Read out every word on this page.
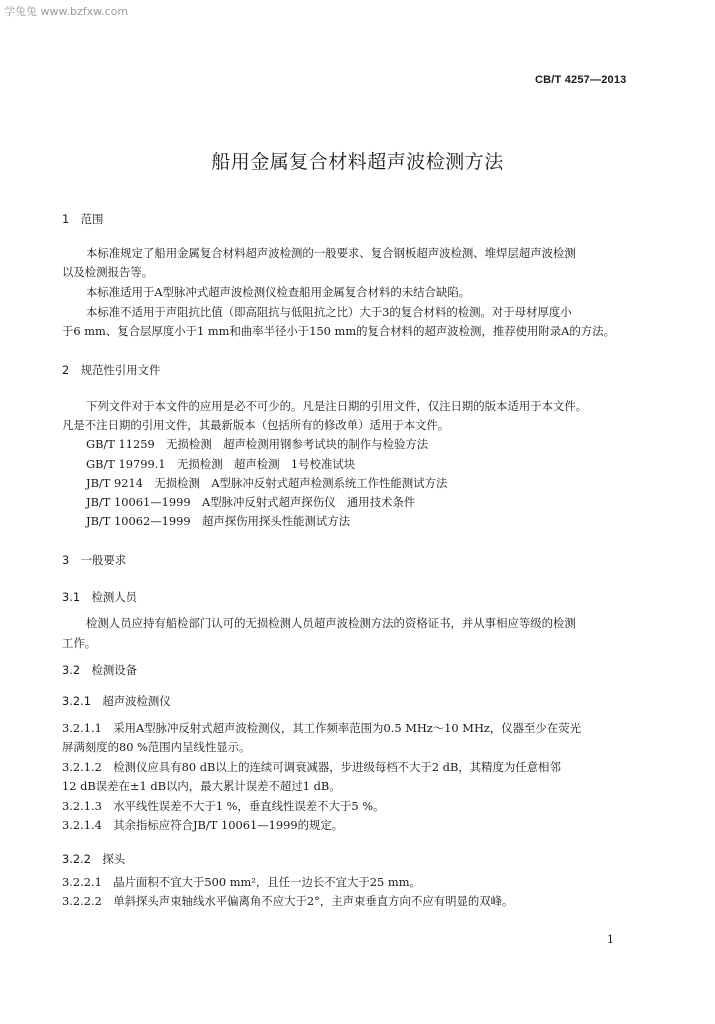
学兔兔 www.bzfxw.com
CB/T 4257—2013
船用金属复合材料超声波检测方法
1　范围
本标准规定了船用金属复合材料超声波检测的一般要求、复合钢板超声波检测、堆焊层超声波检测
以及检测报告等。
本标准适用于A型脉冲式超声波检测仪检查船用金属复合材料的未结合缺陷。
本标准不适用于声阻抗比值（即高阻抗与低阻抗之比）大于3的复合材料的检测。对于母材厚度小
于6 mm、复合层厚度小于1 mm和曲率半径小于150 mm的复合材料的超声波检测，推荐使用附录A的方法。
2　规范性引用文件
下列文件对于本文件的应用是必不可少的。凡是注日期的引用文件，仅注日期的版本适用于本文件。
凡是不注日期的引用文件，其最新版本（包括所有的修改单）适用于本文件。
GB/T 11259　无损检测　超声检测用钢参考试块的制作与检验方法
GB/T 19799.1　无损检测　超声检测　1号校准试块
JB/T 9214　无损检测　A型脉冲反射式超声检测系统工作性能测试方法
JB/T 10061—1999　A型脉冲反射式超声探伤仪　通用技术条件
JB/T 10062—1999　超声探伤用探头性能测试方法
3　一般要求
3.1　检测人员
检测人员应持有船检部门认可的无损检测人员超声波检测方法的资格证书，并从事相应等级的检测
工作。
3.2　检测设备
3.2.1　超声波检测仪
3.2.1.1　采用A型脉冲反射式超声波检测仪，其工作频率范围为0.5 MHz～10 MHz，仪器至少在荧光
屏满刻度的80 %范围内呈线性显示。
3.2.1.2　检测仪应具有80 dB以上的连续可调衰减器，步进级每档不大于2 dB，其精度为任意相邻
12 dB误差在±1 dB以内，最大累计误差不超过1 dB。
3.2.1.3　水平线性误差不大于1 %，垂直线性误差不大于5 %。
3.2.1.4　其余指标应符合JB/T 10061—1999的规定。
3.2.2　探头
3.2.2.1　晶片面积不宜大于500 mm²，且任一边长不宜大于25 mm。
3.2.2.2　单斜探头声束轴线水平偏离角不应大于2°，主声束垂直方向不应有明显的双峰。
1
